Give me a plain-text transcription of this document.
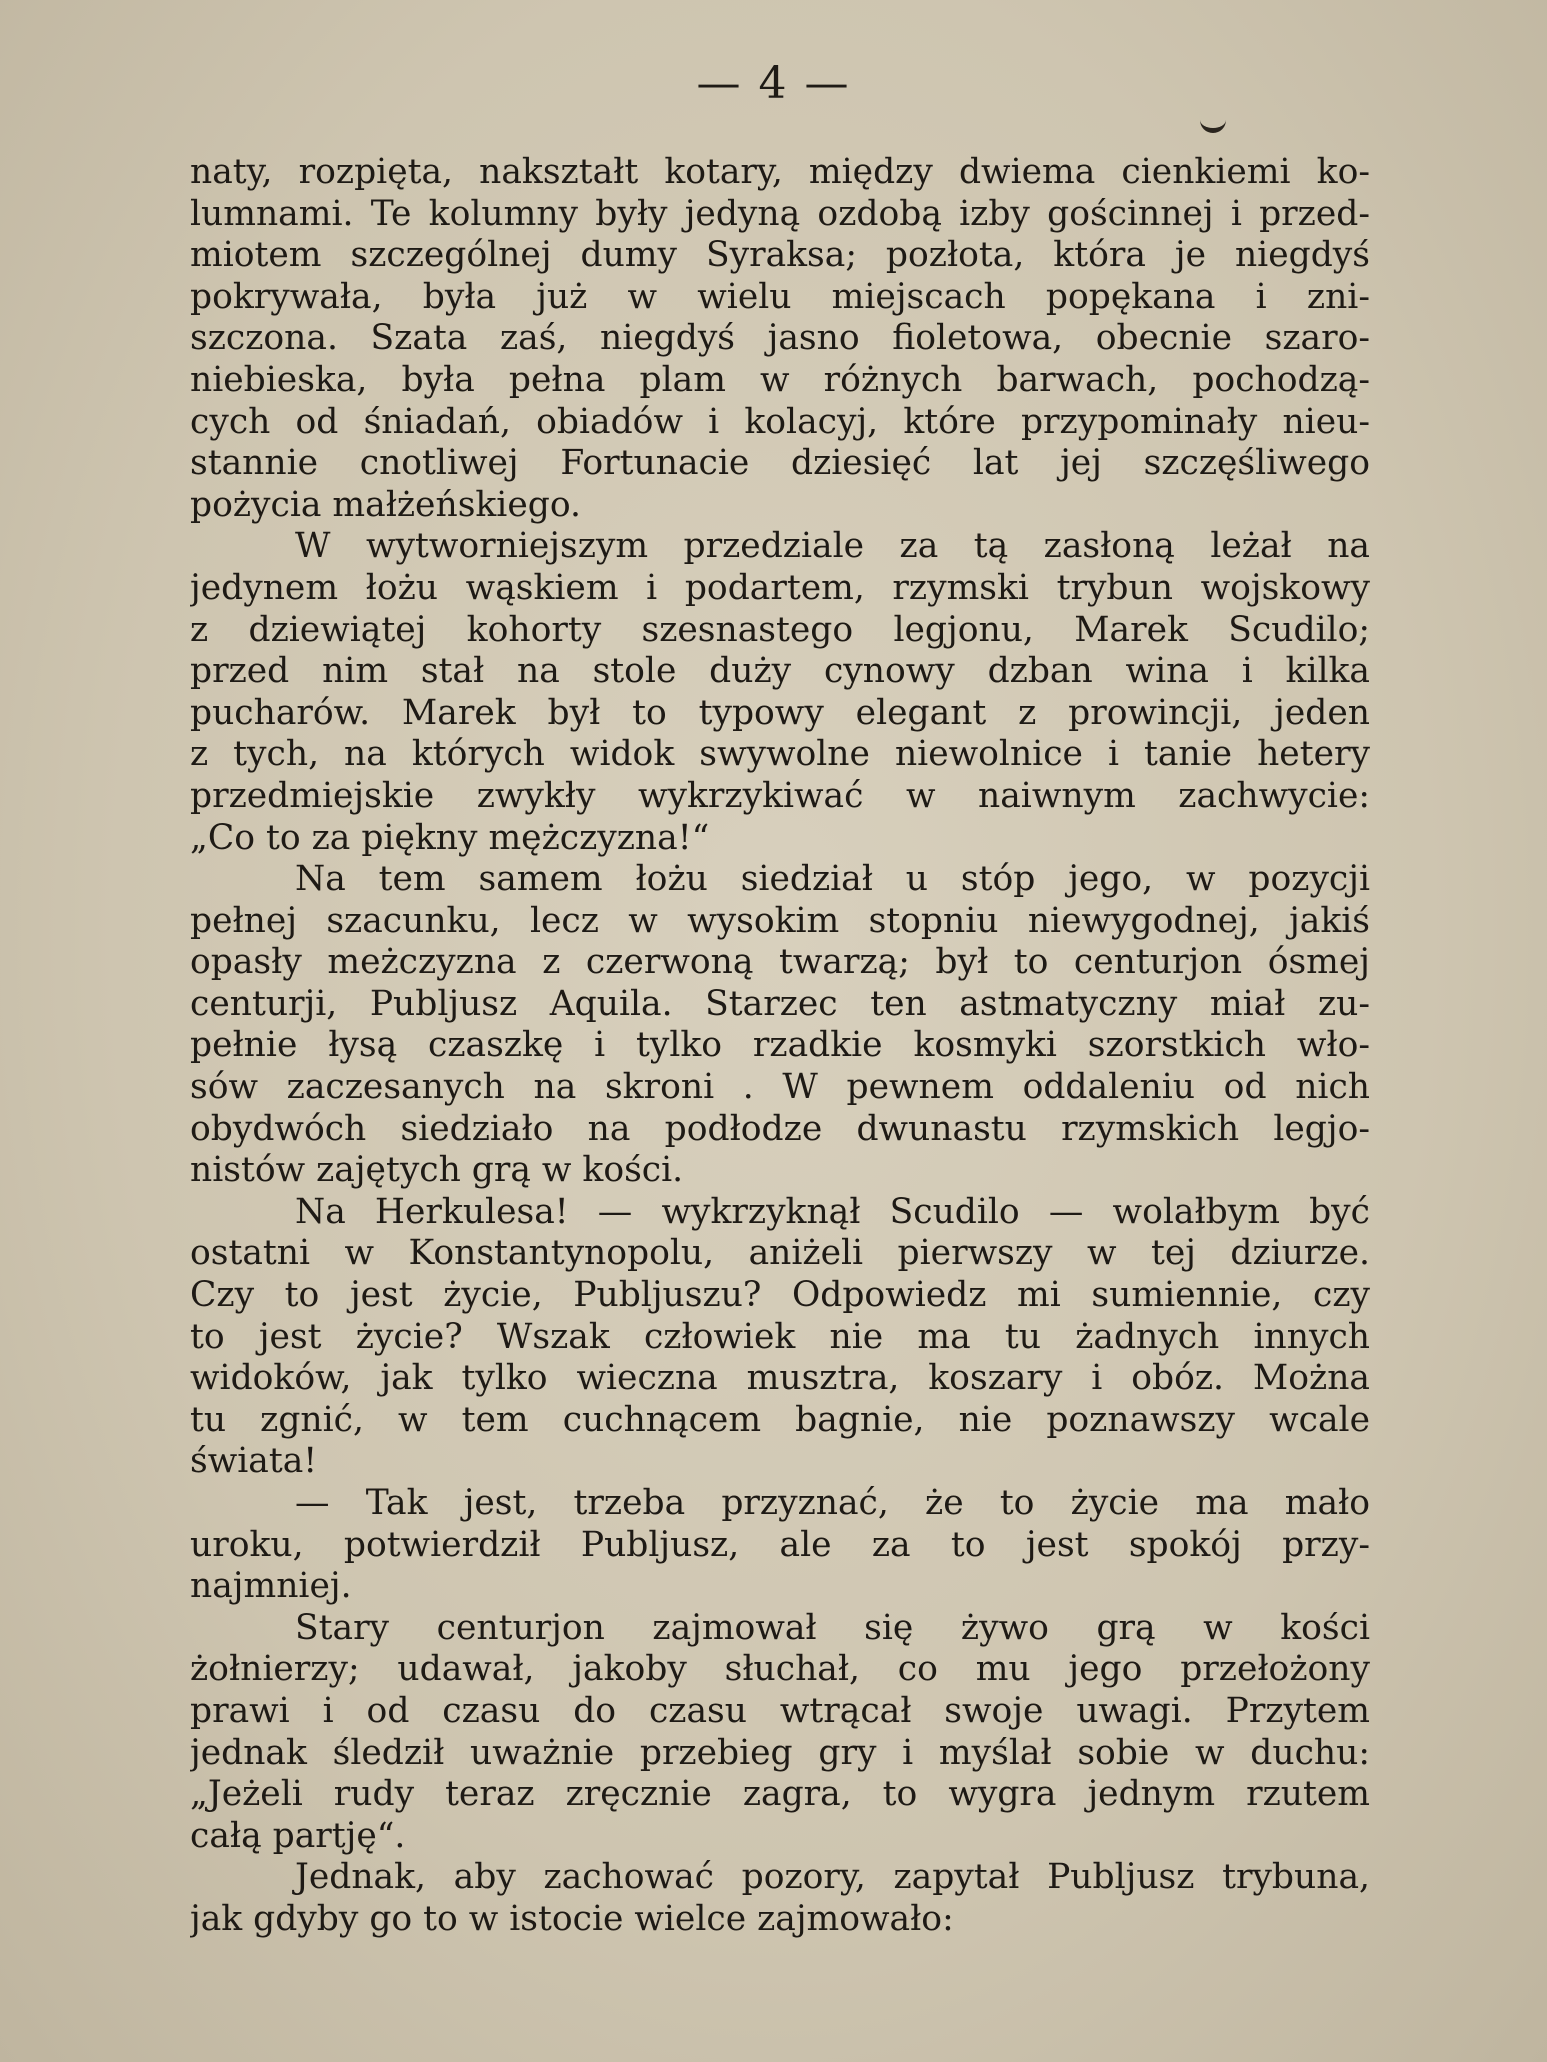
— 4 —
naty, rozpięta, nakształt kotary, między dwiema cienkiemi ko-
lumnami. Te kolumny były jedyną ozdobą izby gościnnej i przed-
miotem szczególnej dumy Syraksa; pozłota, która je niegdyś
pokrywała, była już w wielu miejscach popękana i zni-
szczona. Szata zaś, niegdyś jasno fioletowa, obecnie szaro-
niebieska, była pełna plam w różnych barwach, pochodzą-
cych od śniadań, obiadów i kolacyj, które przypominały nieu-
stannie cnotliwej Fortunacie dziesięć lat jej szczęśliwego
pożycia małżeńskiego.
W wytworniejszym przedziale za tą zasłoną leżał na
jedynem łożu wąskiem i podartem, rzymski trybun wojskowy
z dziewiątej kohorty szesnastego legjonu, Marek Scudilo;
przed nim stał na stole duży cynowy dzban wina i kilka
pucharów. Marek był to typowy elegant z prowincji, jeden
z tych, na których widok swywolne niewolnice i tanie hetery
przedmiejskie zwykły wykrzykiwać w naiwnym zachwycie:
„Co to za piękny mężczyzna!“
Na tem samem łożu siedział u stóp jego, w pozycji
pełnej szacunku, lecz w wysokim stopniu niewygodnej, jakiś
opasły meżczyzna z czerwoną twarzą; był to centurjon ósmej
centurji, Publjusz Aquila. Starzec ten astmatyczny miał zu-
pełnie łysą czaszkę i tylko rzadkie kosmyki szorstkich wło-
sów zaczesanych na skroni . W pewnem oddaleniu od nich
obydwóch siedziało na podłodze dwunastu rzymskich legjo-
nistów zajętych grą w kości.
Na Herkulesa! — wykrzyknął Scudilo — wolałbym być
ostatni w Konstantynopolu, aniżeli pierwszy w tej dziurze.
Czy to jest życie, Publjuszu? Odpowiedz mi sumiennie, czy
to jest życie? Wszak człowiek nie ma tu żadnych innych
widoków, jak tylko wieczna musztra, koszary i obóz. Można
tu zgnić, w tem cuchnącem bagnie, nie poznawszy wcale
świata!
— Tak jest, trzeba przyznać, że to życie ma mało
uroku, potwierdził Publjusz, ale za to jest spokój przy-
najmniej.
Stary centurjon zajmował się żywo grą w kości
żołnierzy; udawał, jakoby słuchał, co mu jego przełożony
prawi i od czasu do czasu wtrącał swoje uwagi. Przytem
jednak śledził uważnie przebieg gry i myślał sobie w duchu:
„Jeżeli rudy teraz zręcznie zagra, to wygra jednym rzutem
całą partję“.
Jednak, aby zachować pozory, zapytał Publjusz trybuna,
jak gdyby go to w istocie wielce zajmowało:
